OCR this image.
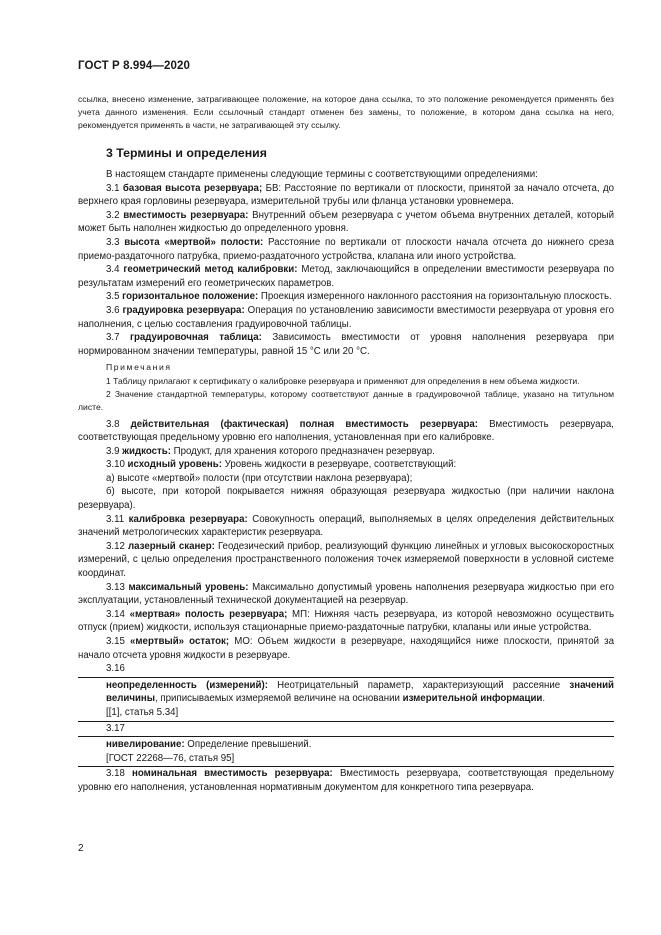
ГОСТ Р 8.994—2020
ссылка, внесено изменение, затрагивающее положение, на которое дана ссылка, то это положение рекомендуется применять без учета данного изменения. Если ссылочный стандарт отменен без замены, то положение, в котором дана ссылка на него, рекомендуется применять в части, не затрагивающей эту ссылку.
3 Термины и определения

В настоящем стандарте применены следующие термины с соответствующими определениями:

3.1 базовая высота резервуара; БВ: Расстояние по вертикали от плоскости, принятой за начало отсчета, до верхнего края горловины резервуара, измерительной трубы или фланца установки уровнемера.

3.2 вместимость резервуара: Внутренний объем резервуара с учетом объема внутренних деталей, который может быть наполнен жидкостью до определенного уровня.

3.3 высота «мертвой» полости: Расстояние по вертикали от плоскости начала отсчета до нижнего среза приемо-раздаточного патрубка, приемо-раздаточного устройства, клапана или иного устройства.

3.4 геометрический метод калибровки: Метод, заключающийся в определении вместимости резервуара по результатам измерений его геометрических параметров.

3.5 горизонтальное положение: Проекция измеренного наклонного расстояния на горизонтальную плоскость.

3.6 градуировка резервуара: Операция по установлению зависимости вместимости резервуара от уровня его наполнения, с целью составления градуировочной таблицы.

3.7 градуировочная таблица: Зависимость вместимости от уровня наполнения резервуара при нормированном значении температуры, равной 15 °С или 20 °С.

Примечания

1 Таблицу прилагают к сертификату о калибровке резервуара и применяют для определения в нем объема жидкости.

2 Значение стандартной температуры, которому соответствуют данные в градуировочной таблице, указано на титульном листе.

3.8 действительная (фактическая) полная вместимость резервуара: Вместимость резервуара, соответствующая предельному уровню его наполнения, установленная при его калибровке.

3.9 жидкость: Продукт, для хранения которого предназначен резервуар.

3.10 исходный уровень: Уровень жидкости в резервуаре, соответствующий:

а) высоте «мертвой» полости (при отсутствии наклона резервуара);

б) высоте, при которой покрывается нижняя образующая резервуара жидкостью (при наличии наклона резервуара).

3.11 калибровка резервуара: Совокупность операций, выполняемых в целях определения действительных значений метрологических характеристик резервуара.

3.12 лазерный сканер: Геодезический прибор, реализующий функцию линейных и угловых высокоскоростных измерений, с целью определения пространственного положения точек измеряемой поверхности в условной системе координат.

3.13 максимальный уровень: Максимально допустимый уровень наполнения резервуара жидкостью при его эксплуатации, установленный технической документацией на резервуар.

3.14 «мертвая» полость резервуара; МП: Нижняя часть резервуара, из которой невозможно осуществить отпуск (прием) жидкости, используя стационарные приемо-раздаточные патрубки, клапаны или иные устройства.

3.15 «мертвый» остаток; МО: Объем жидкости в резервуаре, находящийся ниже плоскости, принятой за начало отсчета уровня жидкости в резервуаре.

3.16

неопределенность (измерений): Неотрицательный параметр, характеризующий рассеяние значений величины, приписываемых измеряемой величине на основании измерительной информации.

[[1], статья 5.34]

3.17

нивелирование: Определение превышений.

[ГОСТ 22268—76, статья 95]

3.18 номинальная вместимость резервуара: Вместимость резервуара, соответствующая предельному уровню его наполнения, установленная нормативным документом для конкретного типа резервуара.

2
